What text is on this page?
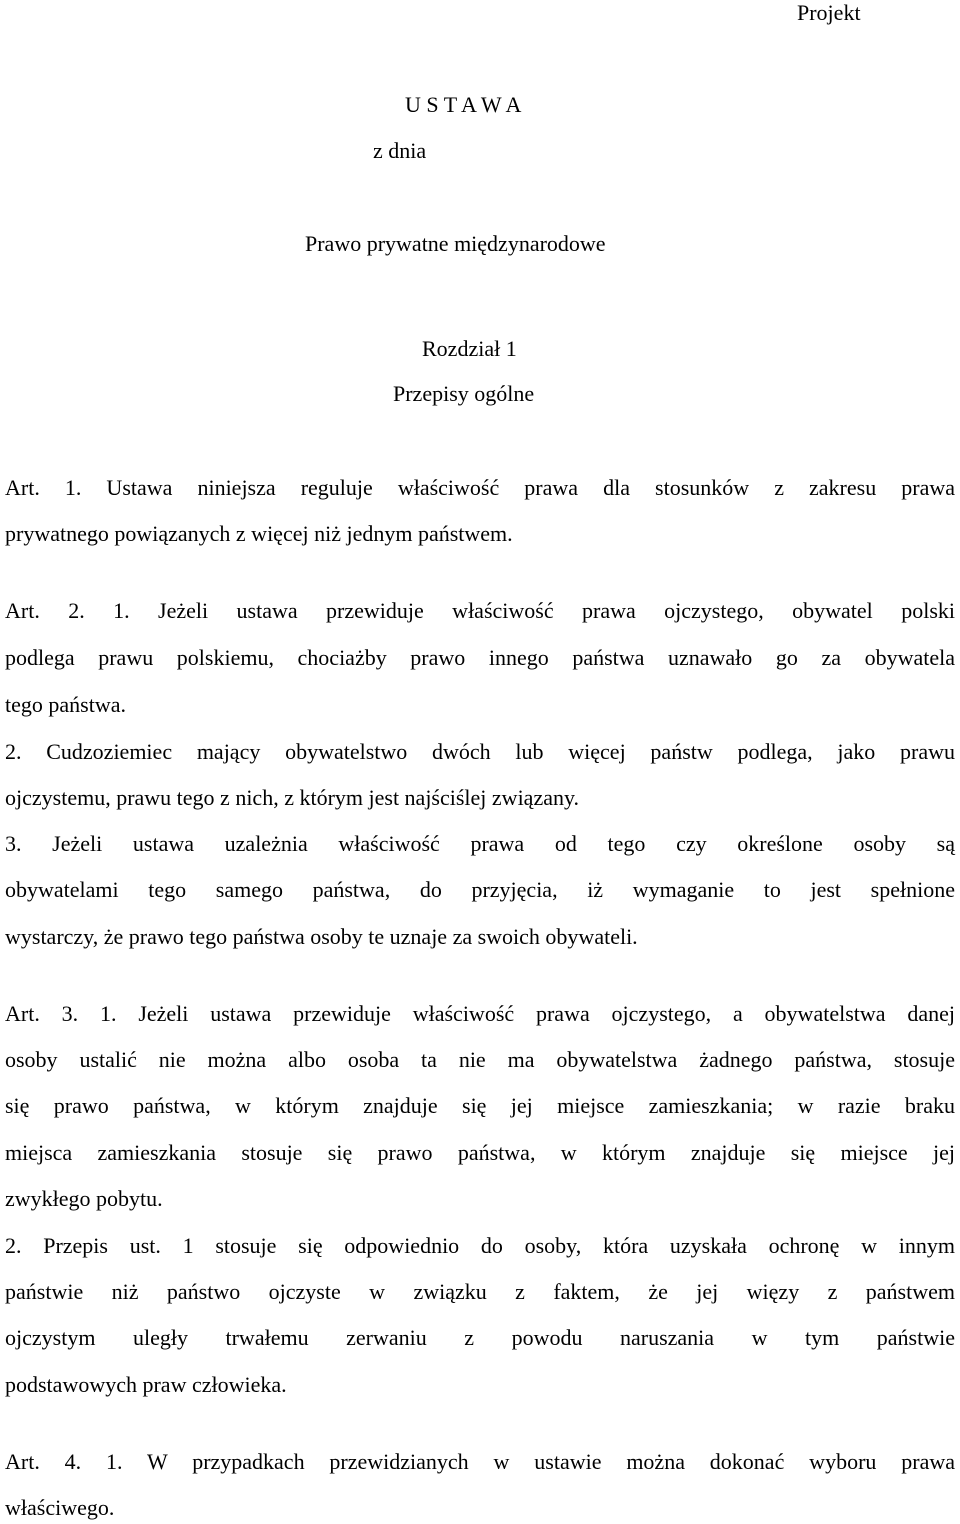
Projekt
U S T A W A
z dnia
Prawo prywatne międzynarodowe
Rozdział 1
Przepisy ogólne
Art. 1. Ustawa niniejsza reguluje właściwość prawa dla stosunków z zakresu prawa
prywatnego powiązanych z więcej niż jednym państwem.
Art. 2. 1. Jeżeli ustawa przewiduje właściwość prawa ojczystego, obywatel polski
podlega prawu polskiemu, chociażby prawo innego państwa uznawało go za obywatela
tego państwa.
2. Cudzoziemiec mający obywatelstwo dwóch lub więcej państw podlega, jako prawu
ojczystemu, prawu tego z nich, z którym jest najściślej związany.
3. Jeżeli ustawa uzależnia właściwość prawa od tego czy określone osoby są
obywatelami tego samego państwa, do przyjęcia, iż wymaganie to jest spełnione
wystarczy, że prawo tego państwa osoby te uznaje za swoich obywateli.
Art. 3. 1. Jeżeli ustawa przewiduje właściwość prawa ojczystego, a obywatelstwa danej
osoby ustalić nie można albo osoba ta nie ma obywatelstwa żadnego państwa, stosuje
się prawo państwa, w którym znajduje się jej miejsce zamieszkania; w razie braku
miejsca zamieszkania stosuje się prawo państwa, w którym znajduje się miejsce jej
zwykłego pobytu.
2. Przepis ust. 1 stosuje się odpowiednio do osoby, która uzyskała ochronę w innym
państwie niż państwo ojczyste w związku z faktem, że jej więzy z państwem
ojczystym uległy trwałemu zerwaniu z powodu naruszania w tym państwie
podstawowych praw człowieka.
Art. 4. 1. W przypadkach przewidzianych w ustawie można dokonać wyboru prawa
właściwego.
